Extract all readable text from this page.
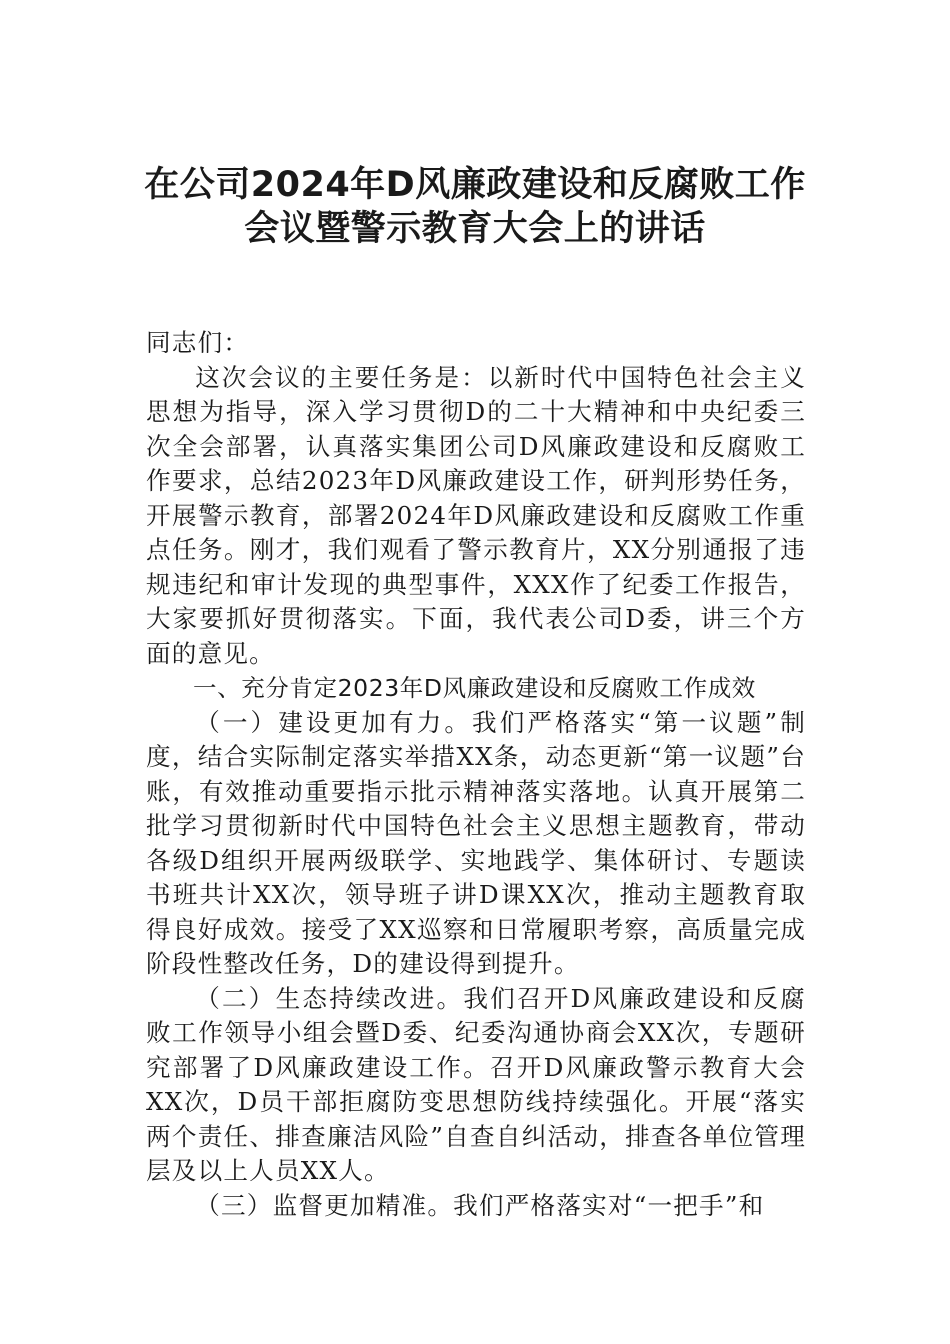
在公司2024年D风廉政建设和反腐败工作
会议暨警示教育大会上的讲话

同志们：

这次会议的主要任务是：以新时代中国特色社会主义思想为指导，深入学习贯彻D的二十大精神和中央纪委三次全会部署，认真落实集团公司D风廉政建设和反腐败工作要求，总结2023年D风廉政建设工作，研判形势任务，开展警示教育，部署2024年D风廉政建设和反腐败工作重点任务。刚才，我们观看了警示教育片，XX分别通报了违规违纪和审计发现的典型事件，XXX作了纪委工作报告，大家要抓好贯彻落实。下面，我代表公司D委，讲三个方面的意见。

一、充分肯定2023年D风廉政建设和反腐败工作成效

（一）建设更加有力。我们严格落实“第一议题”制度，结合实际制定落实举措XX条，动态更新“第一议题”台账，有效推动重要指示批示精神落实落地。认真开展第二批学习贯彻新时代中国特色社会主义思想主题教育，带动各级D组织开展两级联学、实地践学、集体研讨、专题读书班共计XX次，领导班子讲D课XX次，推动主题教育取得良好成效。接受了XX巡察和日常履职考察，高质量完成阶段性整改任务，D的建设得到提升。

（二）生态持续改进。我们召开D风廉政建设和反腐败工作领导小组会暨D委、纪委沟通协商会XX次，专题研究部署了D风廉政建设工作。召开D风廉政警示教育大会XX次，D员干部拒腐防变思想防线持续强化。开展“落实两个责任、排查廉洁风险”自查自纠活动，排查各单位管理层及以上人员XX人。

（三）监督更加精准。我们严格落实对“一把手”和
